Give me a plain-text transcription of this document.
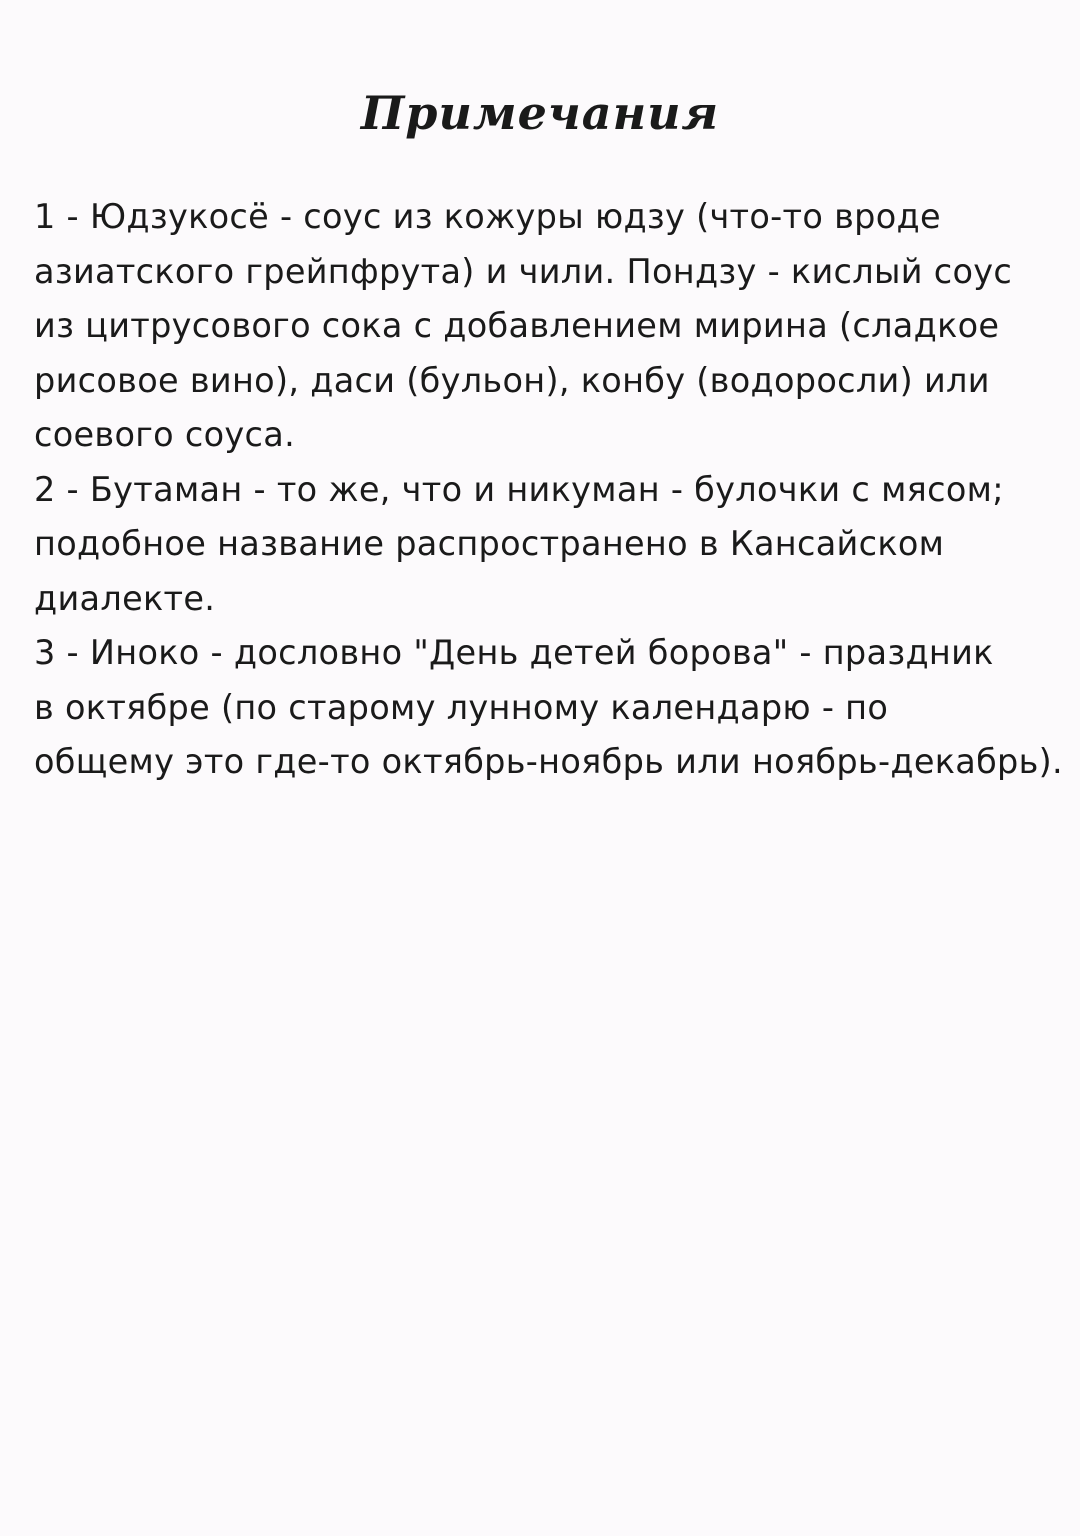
Примечания
1 - Юдзукосё - соус из кожуры юдзу (что-то вроде
азиатского грейпфрута) и чили. Пондзу - кислый соус
из цитрусового сока с добавлением мирина (сладкое
рисовое вино), даси (бульон), конбу (водоросли) или
соевого соуса.
2 - Бутаман - то же, что и никуман - булочки с мясом;
подобное название распространено в Кансайском
диалекте.
3 - Иноко - дословно "День детей борова" - праздник
в октябре (по старому лунному календарю - по
общему это где-то октябрь-ноябрь или ноябрь-декабрь).
